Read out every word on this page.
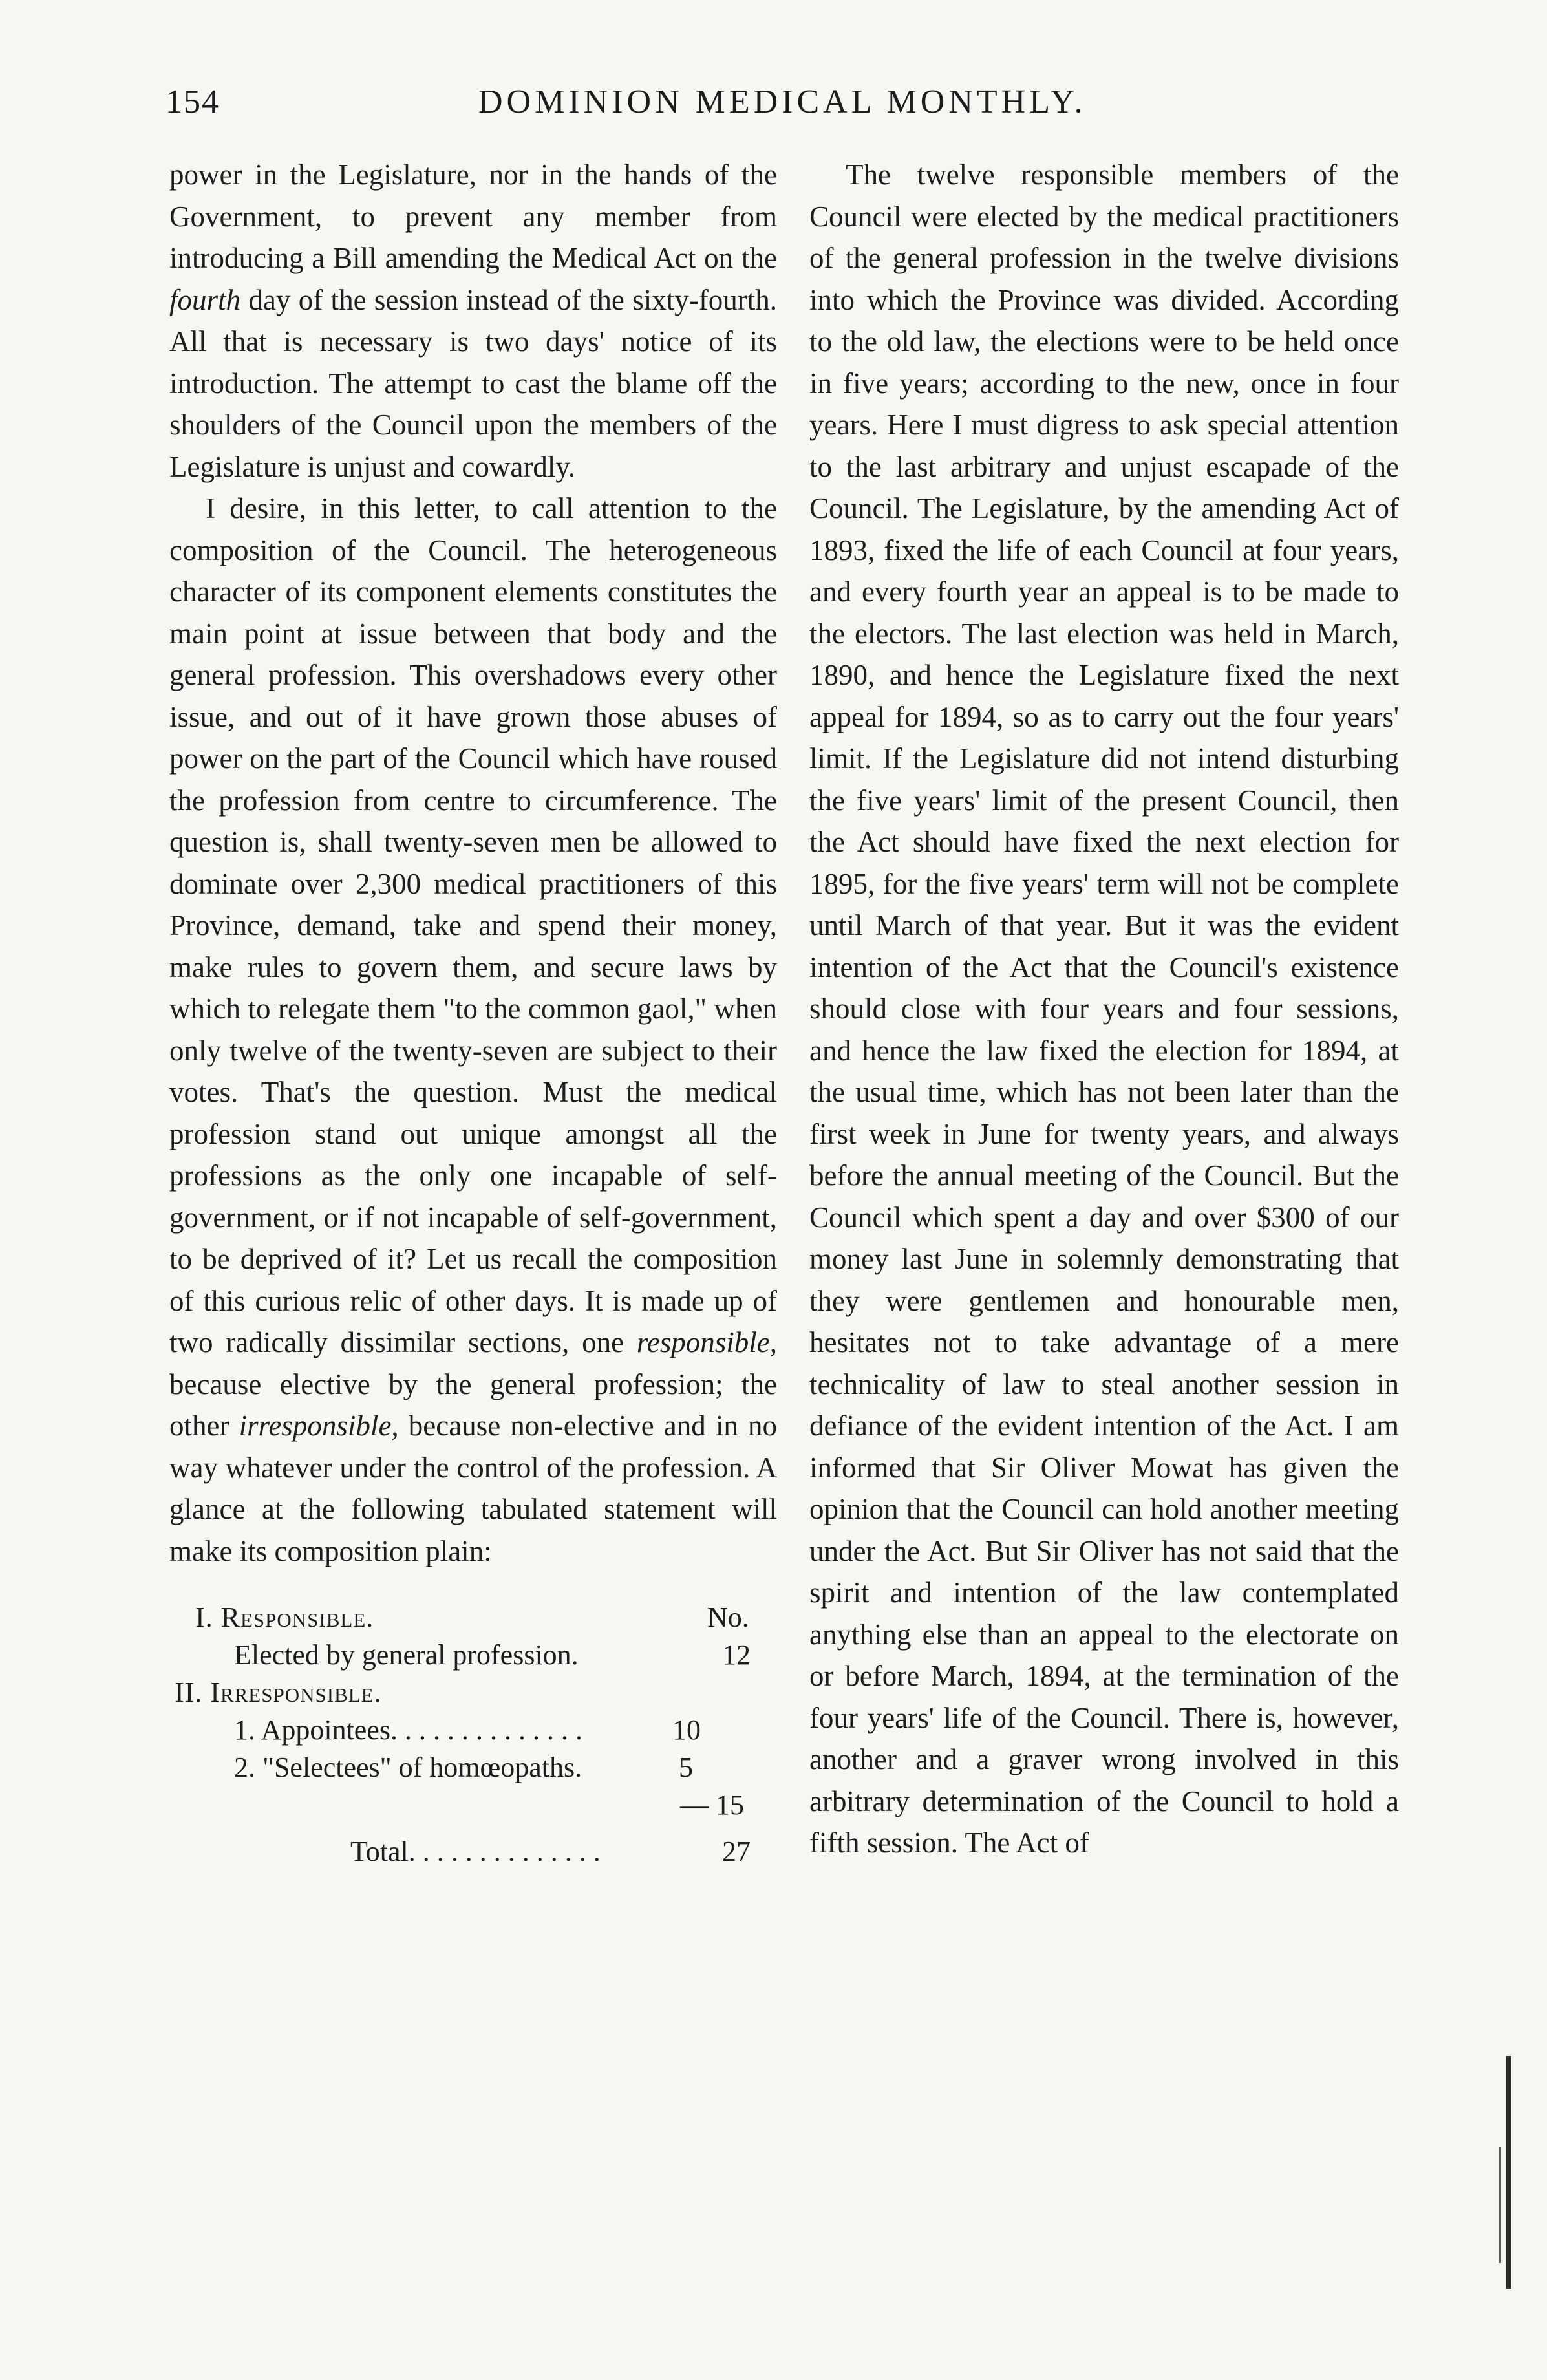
154	DOMINION MEDICAL MONTHLY.

power in the Legislature, nor in the hands of the Government, to prevent any member from introducing a Bill amending the Medical Act on the fourth day of the session instead of the sixty-fourth. All that is necessary is two days' notice of its introduction. The attempt to cast the blame off the shoulders of the Council upon the members of the Legislature is unjust and cowardly.

I desire, in this letter, to call attention to the composition of the Council. The heterogeneous character of its component elements constitutes the main point at issue between that body and the general profession. This overshadows every other issue, and out of it have grown those abuses of power on the part of the Council which have roused the profession from centre to circumference. The question is, shall twenty-seven men be allowed to dominate over 2,300 medical practitioners of this Province, demand, take and spend their money, make rules to govern them, and secure laws by which to relegate them "to the common gaol," when only twelve of the twenty-seven are subject to their votes. That's the question. Must the medical profession stand out unique amongst all the professions as the only one incapable of self-government, or if not incapable of self-government, to be deprived of it? Let us recall the composition of this curious relic of other days. It is made up of two radically dissimilar sections, one responsible, because elective by the general profession; the other irresponsible, because non-elective and in no way whatever under the control of the profession. A glance at the following tabulated statement will make its composition plain:

I. Responsible.	No.
Elected by general profession.	12
II. Irresponsible.
1. Appointees. . . . . . . . . . . . . .	10
2. "Selectees" of homœopaths.	5
— 15
Total. . . . . . . . . . . . . .	27

The twelve responsible members of the Council were elected by the medical practitioners of the general profession in the twelve divisions into which the Province was divided. According to the old law, the elections were to be held once in five years; according to the new, once in four years. Here I must digress to ask special attention to the last arbitrary and unjust escapade of the Council. The Legislature, by the amending Act of 1893, fixed the life of each Council at four years, and every fourth year an appeal is to be made to the electors. The last election was held in March, 1890, and hence the Legislature fixed the next appeal for 1894, so as to carry out the four years' limit. If the Legislature did not intend disturbing the five years' limit of the present Council, then the Act should have fixed the next election for 1895, for the five years' term will not be complete until March of that year. But it was the evident intention of the Act that the Council's existence should close with four years and four sessions, and hence the law fixed the election for 1894, at the usual time, which has not been later than the first week in June for twenty years, and always before the annual meeting of the Council. But the Council which spent a day and over $300 of our money last June in solemnly demonstrating that they were gentlemen and honourable men, hesitates not to take advantage of a mere technicality of law to steal another session in defiance of the evident intention of the Act. I am informed that Sir Oliver Mowat has given the opinion that the Council can hold another meeting under the Act. But Sir Oliver has not said that the spirit and intention of the law contemplated anything else than an appeal to the electorate on or before March, 1894, at the termination of the four years' life of the Council. There is, however, another and a graver wrong involved in this arbitrary determination of the Council to hold a fifth session. The Act of
